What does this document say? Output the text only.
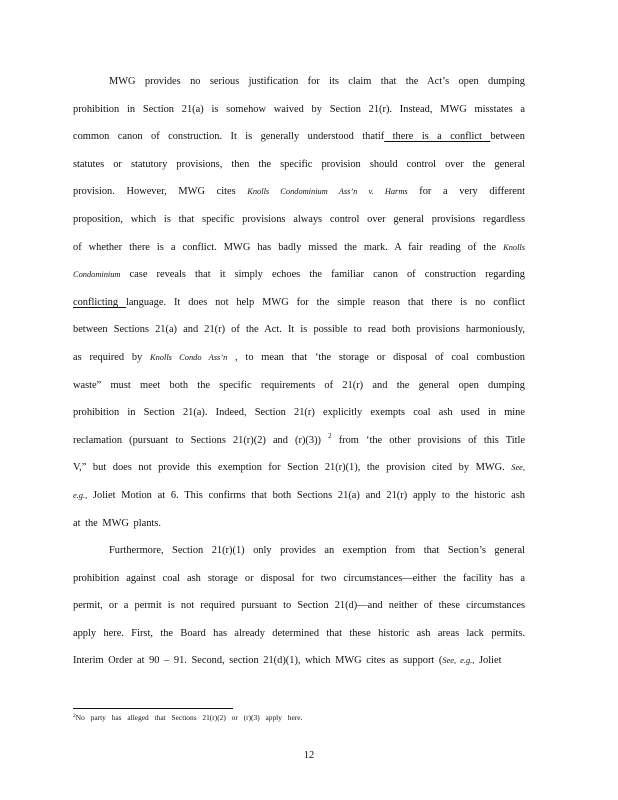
MWG provides no serious justification for its claim that the Act’s open dumping
prohibition in Section 21(a) is somehow waived by Section 21(r). Instead, MWG misstates a
common canon of construction. It is generally understood thatif there is a conflict between
statutes or statutory provisions, then the specific provision should control over the general
provision. However, MWG cites Knolls Condominium Ass’n v. Harms for a very different
proposition, which is that specific provisions always control over general provisions regardless
of whether there is a conflict. MWG has badly missed the mark. A fair reading of the Knolls
Condominium case reveals that it simply echoes the familiar canon of construction regarding
conflicting language. It does not help MWG for the simple reason that there is no conflict
between Sections 21(a) and 21(r) of the Act. It is possible to read both provisions harmoniously,
as required by Knolls Condo Ass’n , to mean that ‘the storage or disposal of coal combustion
waste” must meet both the specific requirements of 21(r) and the general open dumping
prohibition in Section 21(a). Indeed, Section 21(r) explicitly exempts coal ash used in mine
reclamation (pursuant to Sections 21(r)(2) and (r)(3)) $^2$ from ‘the other provisions of this Title
V,” but does not provide this exemption for Section 21(r)(1), the provision cited by MWG. See,
e.g., Joliet Motion at 6. This confirms that both Sections 21(a) and 21(r) apply to the historic ash
at the MWG plants.
Furthermore, Section 21(r)(1) only provides an exemption from that Section’s general
prohibition against coal ash storage or disposal for two circumstances—either the facility has a
permit, or a permit is not required pursuant to Section 21(d)—and neither of these circumstances
apply here. First, the Board has already determined that these historic ash areas lack permits.
Interim Order at 90 – 91. Second, section 21(d)(1), which MWG cites as support (See, e.g., Joliet
$^2$No party has alleged that Sections 21(r)(2) or (r)(3) apply here.
12
